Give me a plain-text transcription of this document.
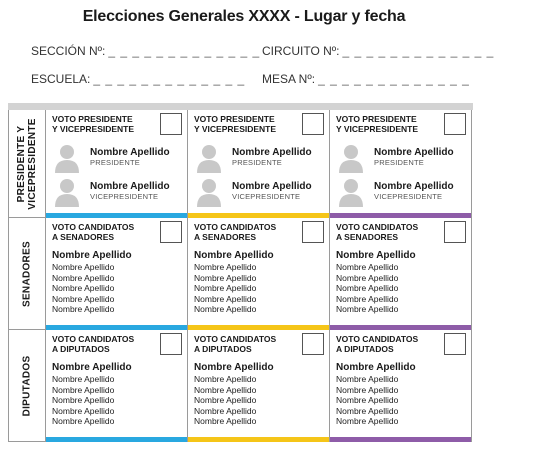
Elecciones Generales XXXX - Lugar y fecha
SECCIÓN Nº: _ _ _ _ _ _ _ _ _ _ _ _ _ CIRCUITO Nº: _ _ _ _ _ _ _ _ _ _ _ _ _
ESCUELA: _ _ _ _ _ _ _ _ _ _ _ _ _ MESA Nº: _ _ _ _ _ _ _ _ _ _ _ _ _
PRESIDENTE Y VICEPRESIDENTE VOTO PRESIDENTE
Y VICEPRESIDENTE
Nombre Apellido
PRESIDENTE
Nombre Apellido
VICEPRESIDENTE
VOTO PRESIDENTE
Y VICEPRESIDENTE
Nombre Apellido
PRESIDENTE
Nombre Apellido
VICEPRESIDENTE
VOTO PRESIDENTE
Y VICEPRESIDENTE
Nombre Apellido
PRESIDENTE
Nombre Apellido
VICEPRESIDENTE
SENADORES
VOTO CANDIDATOS
A SENADORES
Nombre Apellido
Nombre Apellido
Nombre Apellido
Nombre Apellido
Nombre Apellido
Nombre Apellido
VOTO CANDIDATOS
A SENADORES
Nombre Apellido
Nombre Apellido
Nombre Apellido
Nombre Apellido
Nombre Apellido
Nombre Apellido
VOTO CANDIDATOS
A SENADORES
Nombre Apellido
Nombre Apellido
Nombre Apellido
Nombre Apellido
Nombre Apellido
Nombre Apellido
DIPUTADOS
VOTO CANDIDATOS
A DIPUTADOS
Nombre Apellido
Nombre Apellido
Nombre Apellido
Nombre Apellido
Nombre Apellido
Nombre Apellido
VOTO CANDIDATOS
A DIPUTADOS
Nombre Apellido
Nombre Apellido
Nombre Apellido
Nombre Apellido
Nombre Apellido
Nombre Apellido
VOTO CANDIDATOS
A DIPUTADOS
Nombre Apellido
Nombre Apellido
Nombre Apellido
Nombre Apellido
Nombre Apellido
Nombre Apellido
